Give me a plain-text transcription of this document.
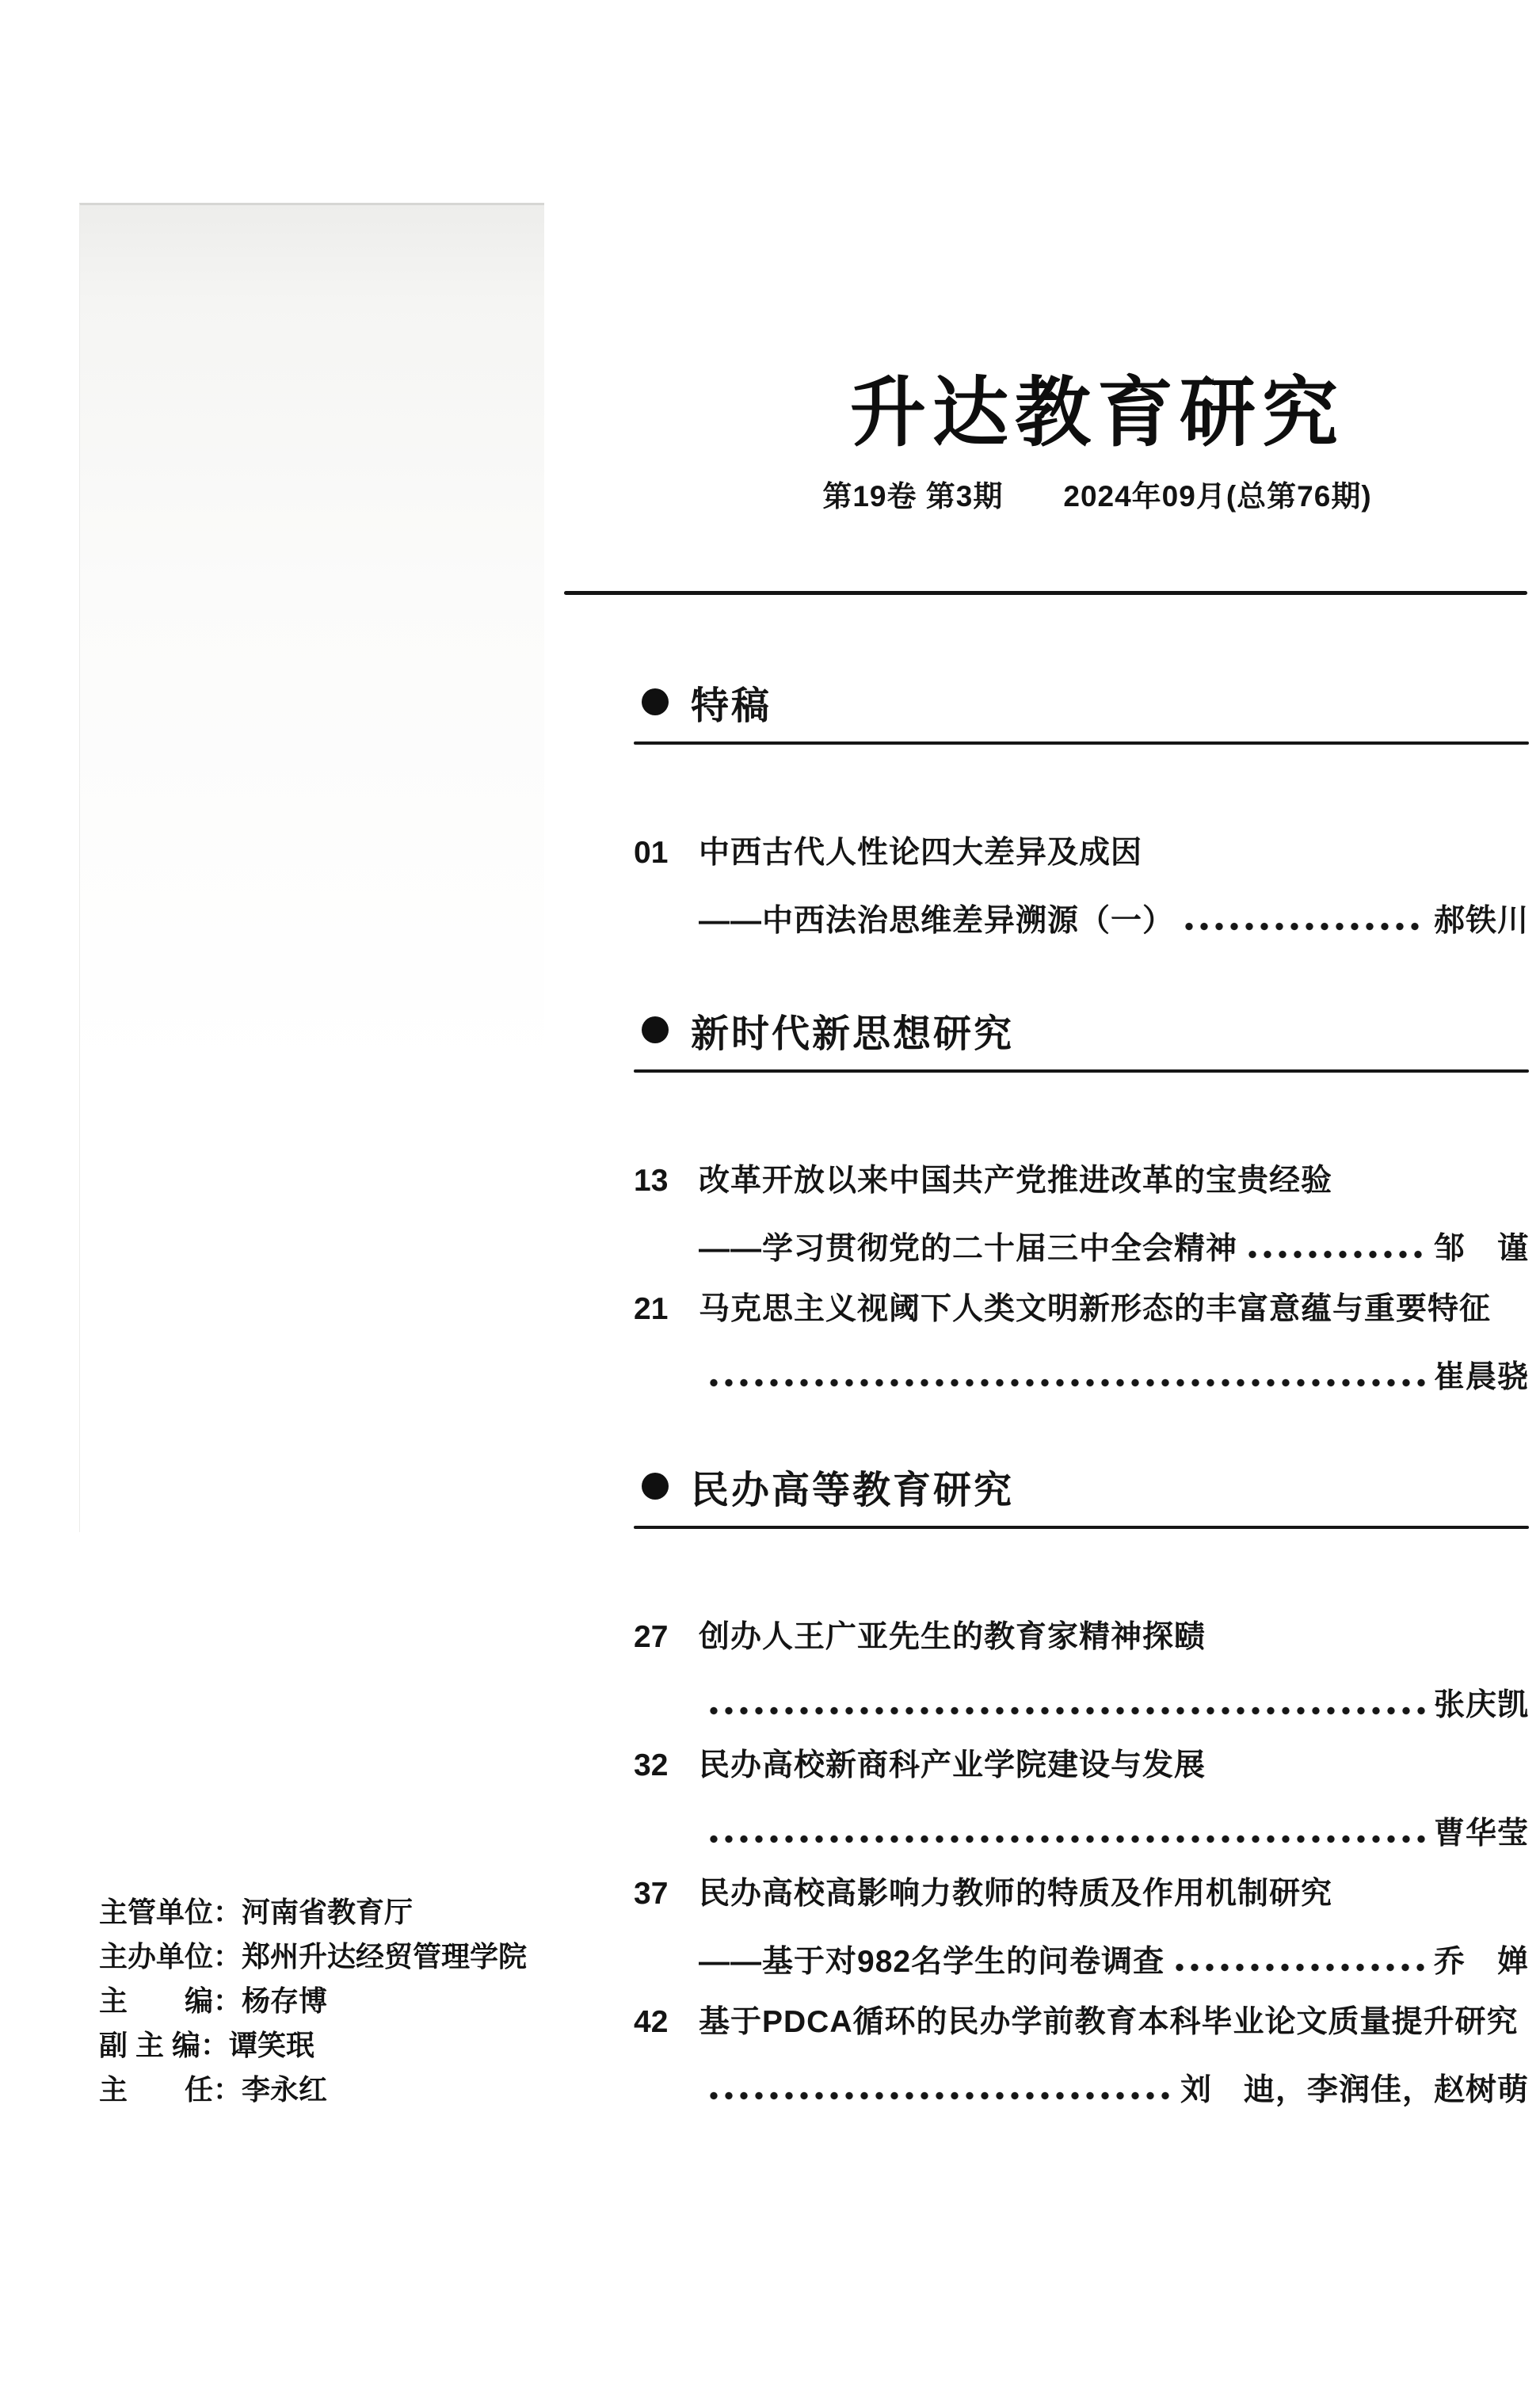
升达教育研究
第19卷 第3期　　2024年09月(总第76期)
特稿
01 中西古代人性论四大差异及成因
——中西法治思维差异溯源（一）	郝铁川
新时代新思想研究
13 改革开放以来中国共产党推进改革的宝贵经验
——学习贯彻党的二十届三中全会精神	邹　谨
21 马克思主义视阈下人类文明新形态的丰富意蕴与重要特征
崔晨骁
民办高等教育研究
27 创办人王广亚先生的教育家精神探赜
张庆凯
32 民办高校新商科产业学院建设与发展
曹华莹
37 民办高校高影响力教师的特质及作用机制研究
——基于对982名学生的问卷调查	乔　婵
42 基于PDCA循环的民办学前教育本科毕业论文质量提升研究
刘　迪，李润佳，赵树萌
主管单位： 河南省教育厅
主办单位： 郑州升达经贸管理学院
主　　编： 杨存博
副 主 编： 谭笑珉
主　　任： 李永红
